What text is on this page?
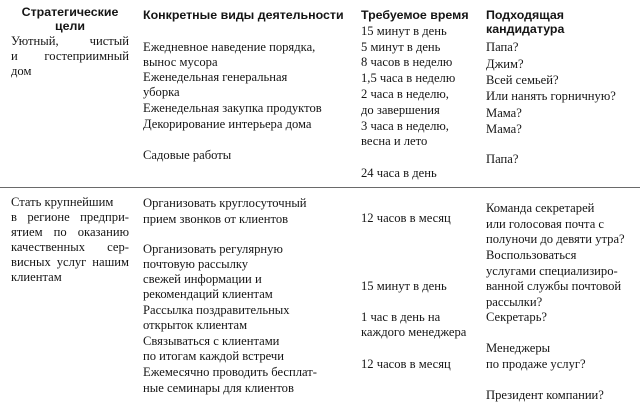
Стратегические
цели
Конкретные виды деятельности Требуемое время Подходящая
кандидатура
Уютный, чистый
и гостеприимный
дом
Ежедневное наведение порядка,
вынос мусора
Еженедельная генеральная
уборка
Еженедельная закупка продуктов
Декорирование интерьера дома
Садовые работы
15 минут в день
5 минут в день
8 часов в неделю
1,5 часа в неделю
2 часа в неделю,
до завершения
3 часа в неделю,
весна и лето
24 часа в день
Папа?
Джим?
Всей семьей?
Или нанять горничную?
Мама?
Мама?
Папа?
Стать крупнейшим
в регионе предпри-
ятием по оказанию
качественных сер-
висных услуг нашим
клиентам
Организовать круглосуточный
прием звонков от клиентов
Организовать регулярную
почтовую рассылку
свежей информации и
рекомендаций клиентам
Рассылка поздравительных
открыток клиентам
Связываться с клиентами
по итогам каждой встречи
Ежемесячно проводить бесплат-
ные семинары для клиентов
12 часов в месяц
15 минут в день
1 час в день на
каждого менеджера
12 часов в месяц
Команда секретарей
или голосовая почта с
полуночи до девяти утра?
Воспользоваться
услугами специализиро-
ванной службы почтовой
рассылки?
Секретарь?
Менеджеры
по продаже услуг?
Президент компании?
